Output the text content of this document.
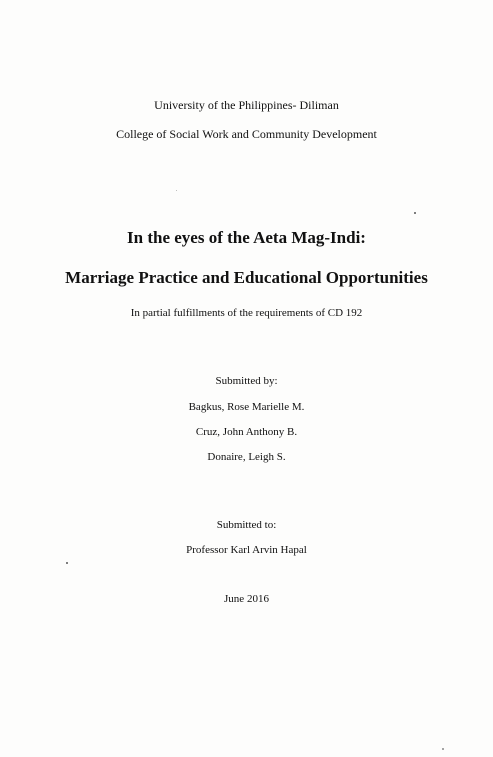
University of the Philippines- Diliman
College of Social Work and Community Development
In the eyes of the Aeta Mag-Indi:
Marriage Practice and Educational Opportunities
In partial fulfillments of the requirements of CD 192
Submitted by:
Bagkus, Rose Marielle M.
Cruz, John Anthony B.
Donaire, Leigh S.
Submitted to:
Professor Karl Arvin Hapal
June 2016
